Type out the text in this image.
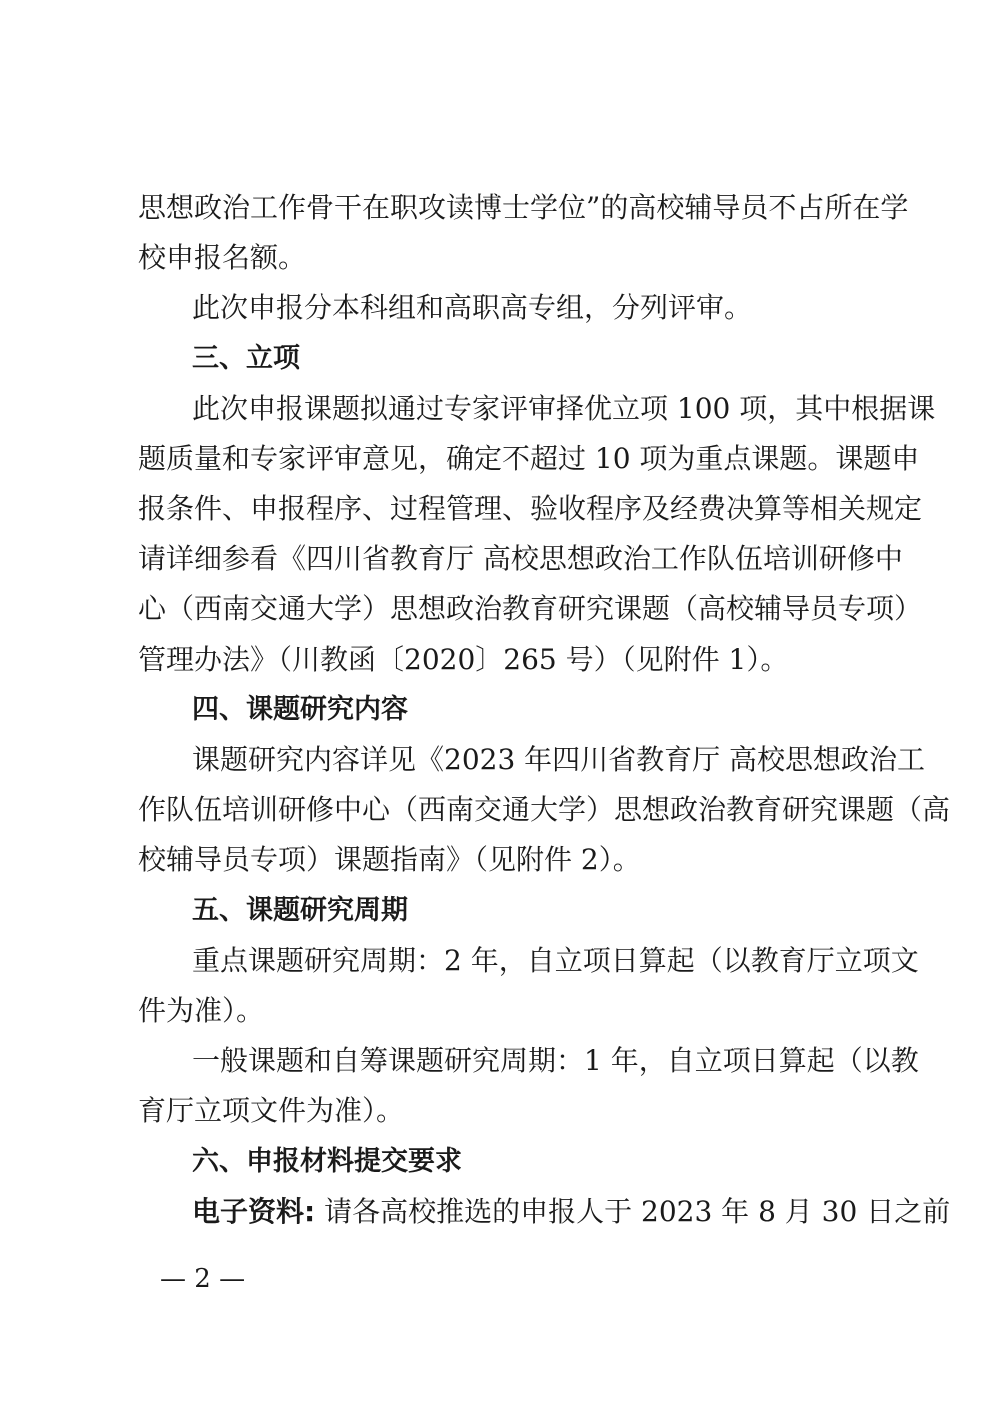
思想政治工作骨干在职攻读博士学位”的高校辅导员不占所在学
校申报名额。
此次申报分本科组和高职高专组，分列评审。
三、立项
此次申报课题拟通过专家评审择优立项 100 项，其中根据课
题质量和专家评审意见，确定不超过 10 项为重点课题。课题申
报条件、申报程序、过程管理、验收程序及经费决算等相关规定
请详细参看《四川省教育厅 高校思想政治工作队伍培训研修中
心（西南交通大学）思想政治教育研究课题（高校辅导员专项）
管理办法》（川教函〔2020〕265 号）（见附件 1）。
四、课题研究内容
课题研究内容详见《2023 年四川省教育厅 高校思想政治工
作队伍培训研修中心（西南交通大学）思想政治教育研究课题（高
校辅导员专项）课题指南》（见附件 2）。
五、课题研究周期
重点课题研究周期：2 年，自立项日算起（以教育厅立项文
件为准）。
一般课题和自筹课题研究周期：1 年，自立项日算起（以教
育厅立项文件为准）。
六、申报材料提交要求
电子资料: 请各高校推选的申报人于 2023 年 8 月 30 日之前
— 2 —
